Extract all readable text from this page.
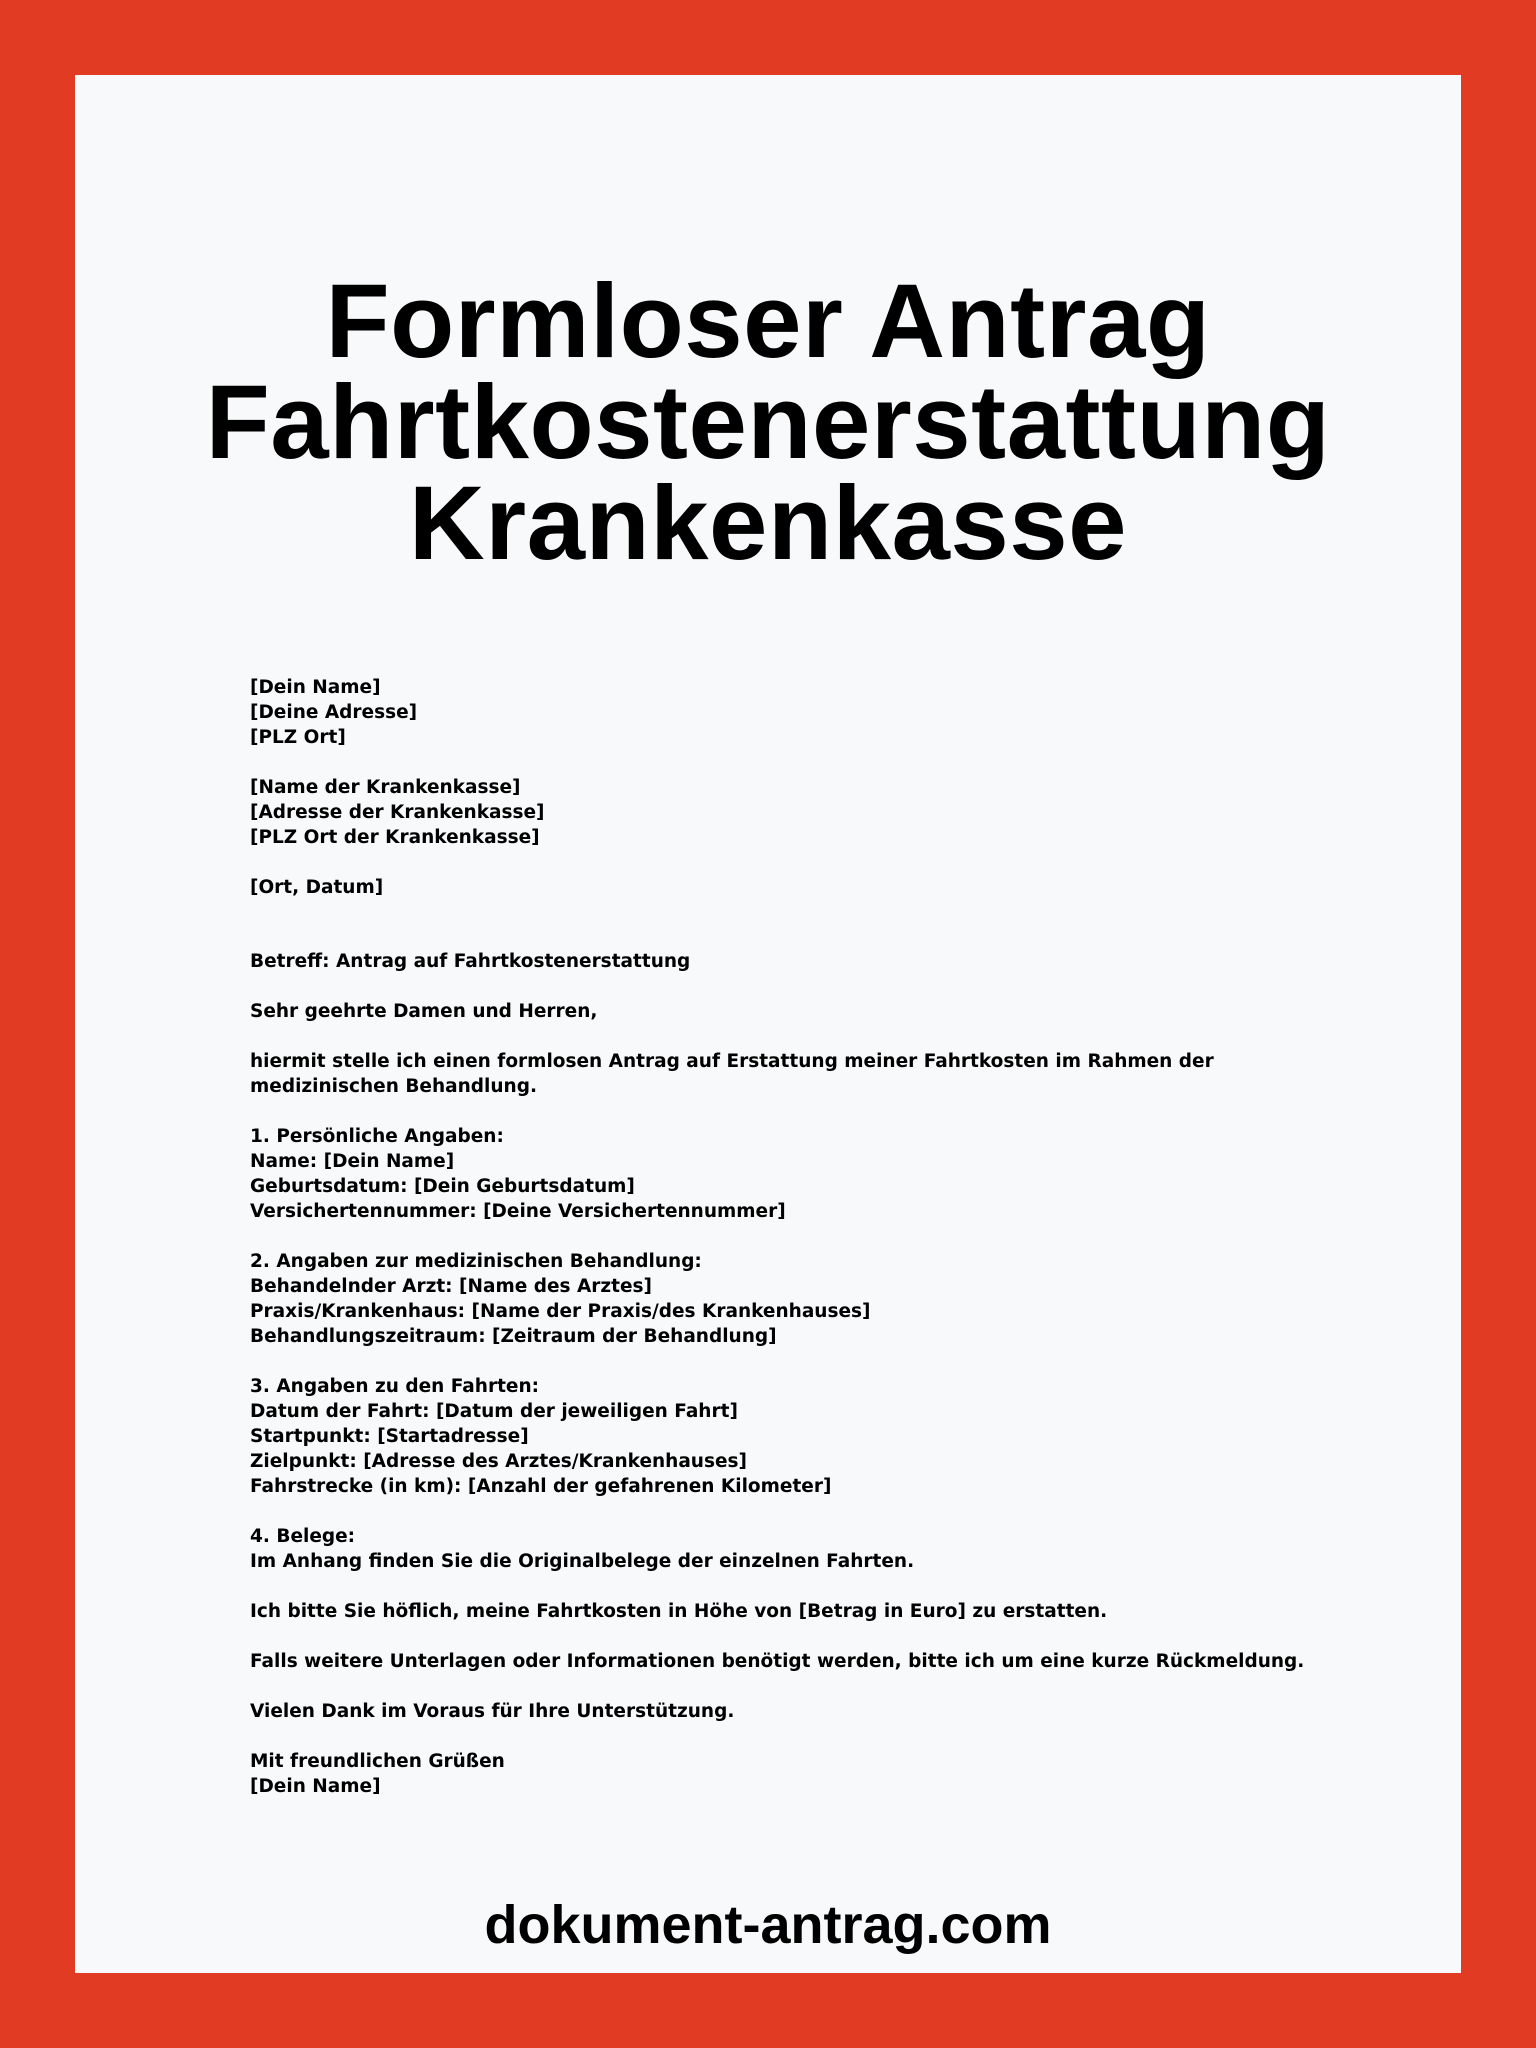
Formloser Antrag
Fahrtkostenerstattung
Krankenkasse
[Dein Name]
[Deine Adresse]
[PLZ Ort]
[Name der Krankenkasse]
[Adresse der Krankenkasse]
[PLZ Ort der Krankenkasse]
[Ort, Datum]
Betreff: Antrag auf Fahrtkostenerstattung
Sehr geehrte Damen und Herren,
hiermit stelle ich einen formlosen Antrag auf Erstattung meiner Fahrtkosten im Rahmen der medizinischen Behandlung.
1. Persönliche Angaben:
Name: [Dein Name]
Geburtsdatum: [Dein Geburtsdatum]
Versichertennummer: [Deine Versichertennummer]
2. Angaben zur medizinischen Behandlung:
Behandelnder Arzt: [Name des Arztes]
Praxis/Krankenhaus: [Name der Praxis/des Krankenhauses]
Behandlungszeitraum: [Zeitraum der Behandlung]
3. Angaben zu den Fahrten:
Datum der Fahrt: [Datum der jeweiligen Fahrt]
Startpunkt: [Startadresse]
Zielpunkt: [Adresse des Arztes/Krankenhauses]
Fahrstrecke (in km): [Anzahl der gefahrenen Kilometer]
4. Belege:
Im Anhang finden Sie die Originalbelege der einzelnen Fahrten.
Ich bitte Sie höflich, meine Fahrtkosten in Höhe von [Betrag in Euro] zu erstatten.
Falls weitere Unterlagen oder Informationen benötigt werden, bitte ich um eine kurze Rückmeldung.
Vielen Dank im Voraus für Ihre Unterstützung.
Mit freundlichen Grüßen
[Dein Name]
dokument-antrag.com
